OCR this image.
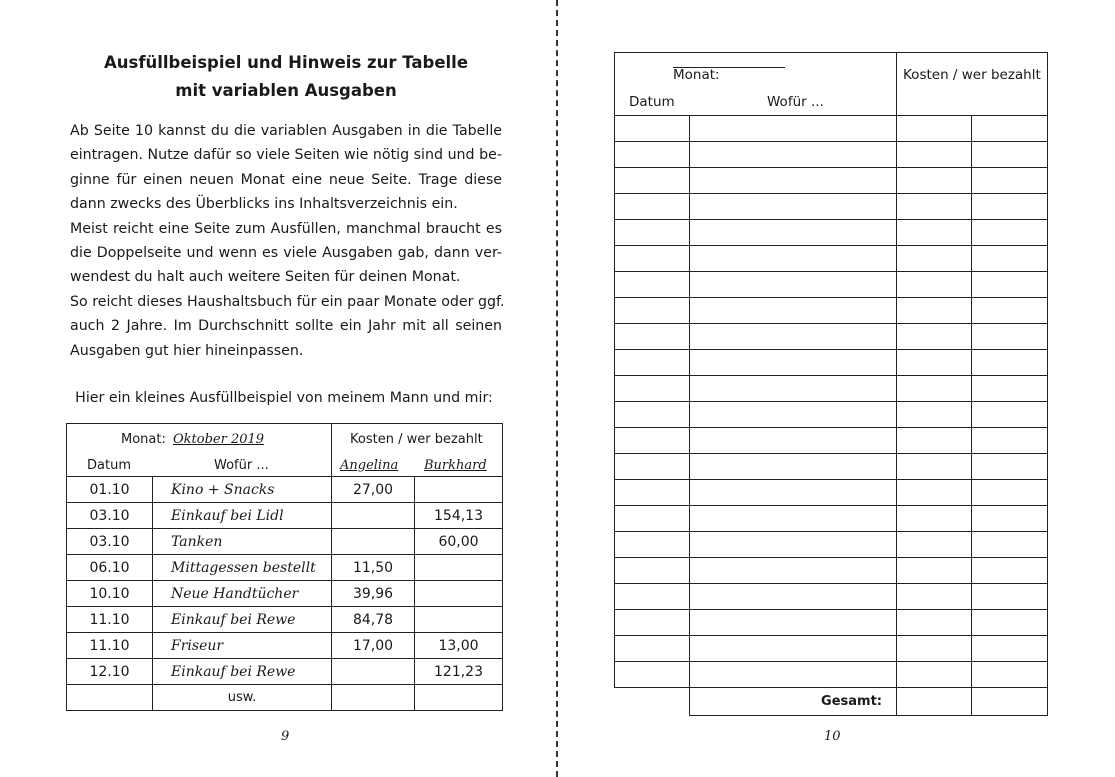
Ausfüllbeispiel und Hinweis zur Tabelle
mit variablen Ausgaben
Ab Seite 10 kannst du die variablen Ausgaben in die Tabelle
eintragen. Nutze dafür so viele Seiten wie nötig sind und be-
ginne für einen neuen Monat eine neue Seite. Trage diese
dann zwecks des Überblicks ins Inhaltsverzeichnis ein.
Meist reicht eine Seite zum Ausfüllen, manchmal braucht es
die Doppelseite und wenn es viele Ausgaben gab, dann ver-
wendest du halt auch weitere Seiten für deinen Monat.
So reicht dieses Haushaltsbuch für ein paar Monate oder ggf.
auch 2 Jahre. Im Durchschnitt sollte ein Jahr mit all seinen
Ausgaben gut hier hineinpassen.
Hier ein kleines Ausfüllbeispiel von meinem Mann und mir:
Monat: Oktober 2019
Datum Wofür ...		Kosten / wer bezahlt
Angelina Burkhard	

01.10	Kino + Snacks	27,00	
03.10	Einkauf bei Lidl		154,13
03.10	Tanken		60,00
06.10	Mittagessen bestellt	11,50	
10.10	Neue Handtücher	39,96	
11.10	Einkauf bei Rewe	84,78	
11.10	Friseur	17,00	13,00
12.10	Einkauf bei Rewe		121,23
	usw.		
9
Monat:
Datum Wofür ...		Kosten / wer bezahlt	

	Gesamt:		
10
